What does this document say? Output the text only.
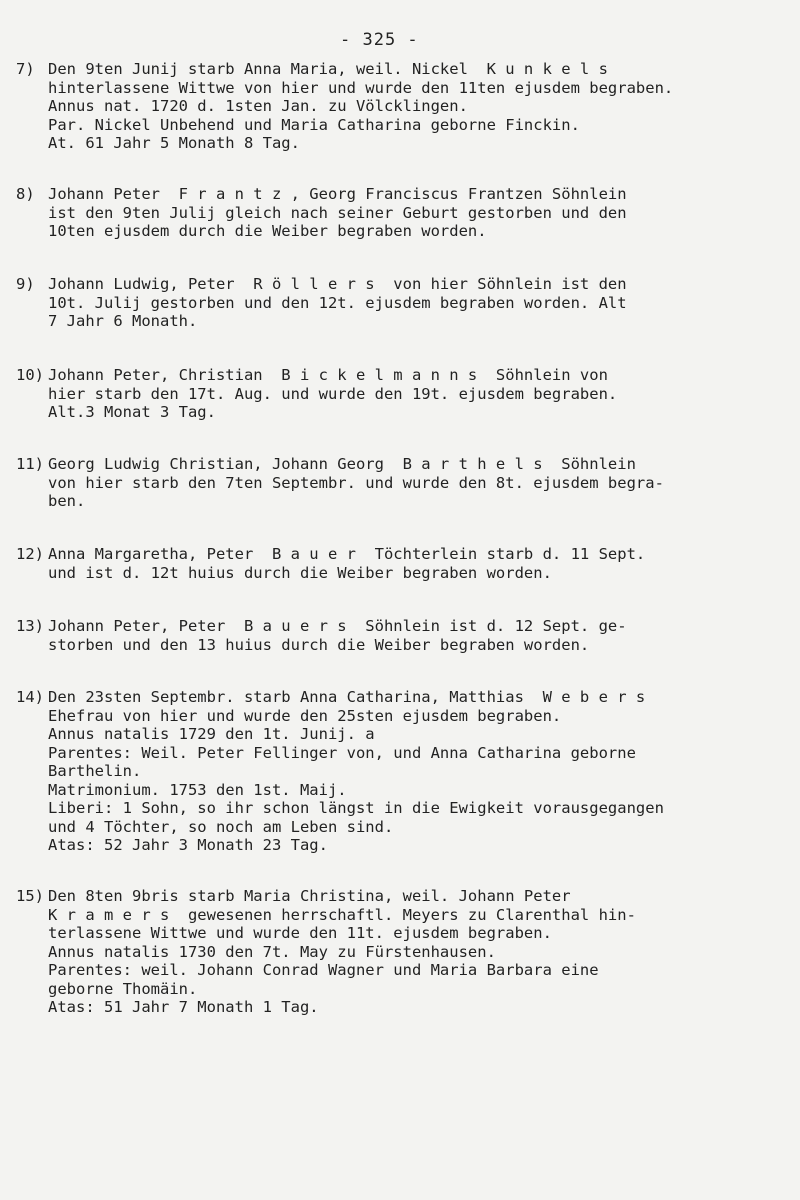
- 325 -
7) Den 9ten Junij starb Anna Maria, weil. Nickel  K u n k e l s
hinterlassene Wittwe von hier und wurde den 11ten ejusdem begraben.
Annus nat. 1720 d. 1sten Jan. zu Völcklingen.
Par. Nickel Unbehend und Maria Catharina geborne Finckin.
At. 61 Jahr 5 Monath 8 Tag.
8) Johann Peter  F r a n t z , Georg Franciscus Frantzen Söhnlein
ist den 9ten Julij gleich nach seiner Geburt gestorben und den
10ten ejusdem durch die Weiber begraben worden.
9) Johann Ludwig, Peter  R ö l l e r s  von hier Söhnlein ist den
10t. Julij gestorben und den 12t. ejusdem begraben worden. Alt
7 Jahr 6 Monath.
10) Johann Peter, Christian  B i c k e l m a n n s  Söhnlein von
hier starb den 17t. Aug. und wurde den 19t. ejusdem begraben.
Alt.3 Monat 3 Tag.
11) Georg Ludwig Christian, Johann Georg  B a r t h e l s  Söhnlein
von hier starb den 7ten Septembr. und wurde den 8t. ejusdem begra-
ben.
12) Anna Margaretha, Peter  B a u e r  Töchterlein starb d. 11 Sept.
und ist d. 12t huius durch die Weiber begraben worden.
13) Johann Peter, Peter  B a u e r s  Söhnlein ist d. 12 Sept. ge-
storben und den 13 huius durch die Weiber begraben worden.
14) Den 23sten Septembr. starb Anna Catharina, Matthias  W e b e r s
Ehefrau von hier und wurde den 25sten ejusdem begraben.
Annus natalis 1729 den 1t. Junij. a
Parentes: Weil. Peter Fellinger von, und Anna Catharina geborne
Barthelin.
Matrimonium. 1753 den 1st. Maij.
Liberi: 1 Sohn, so ihr schon längst in die Ewigkeit vorausgegangen
und 4 Töchter, so noch am Leben sind.
Atas: 52 Jahr 3 Monath 23 Tag.
15) Den 8ten 9bris starb Maria Christina, weil. Johann Peter
K r a m e r s  gewesenen herrschaftl. Meyers zu Clarenthal hin-
terlassene Wittwe und wurde den 11t. ejusdem begraben.
Annus natalis 1730 den 7t. May zu Fürstenhausen.
Parentes: weil. Johann Conrad Wagner und Maria Barbara eine
geborne Thomäin.
Atas: 51 Jahr 7 Monath 1 Tag.
